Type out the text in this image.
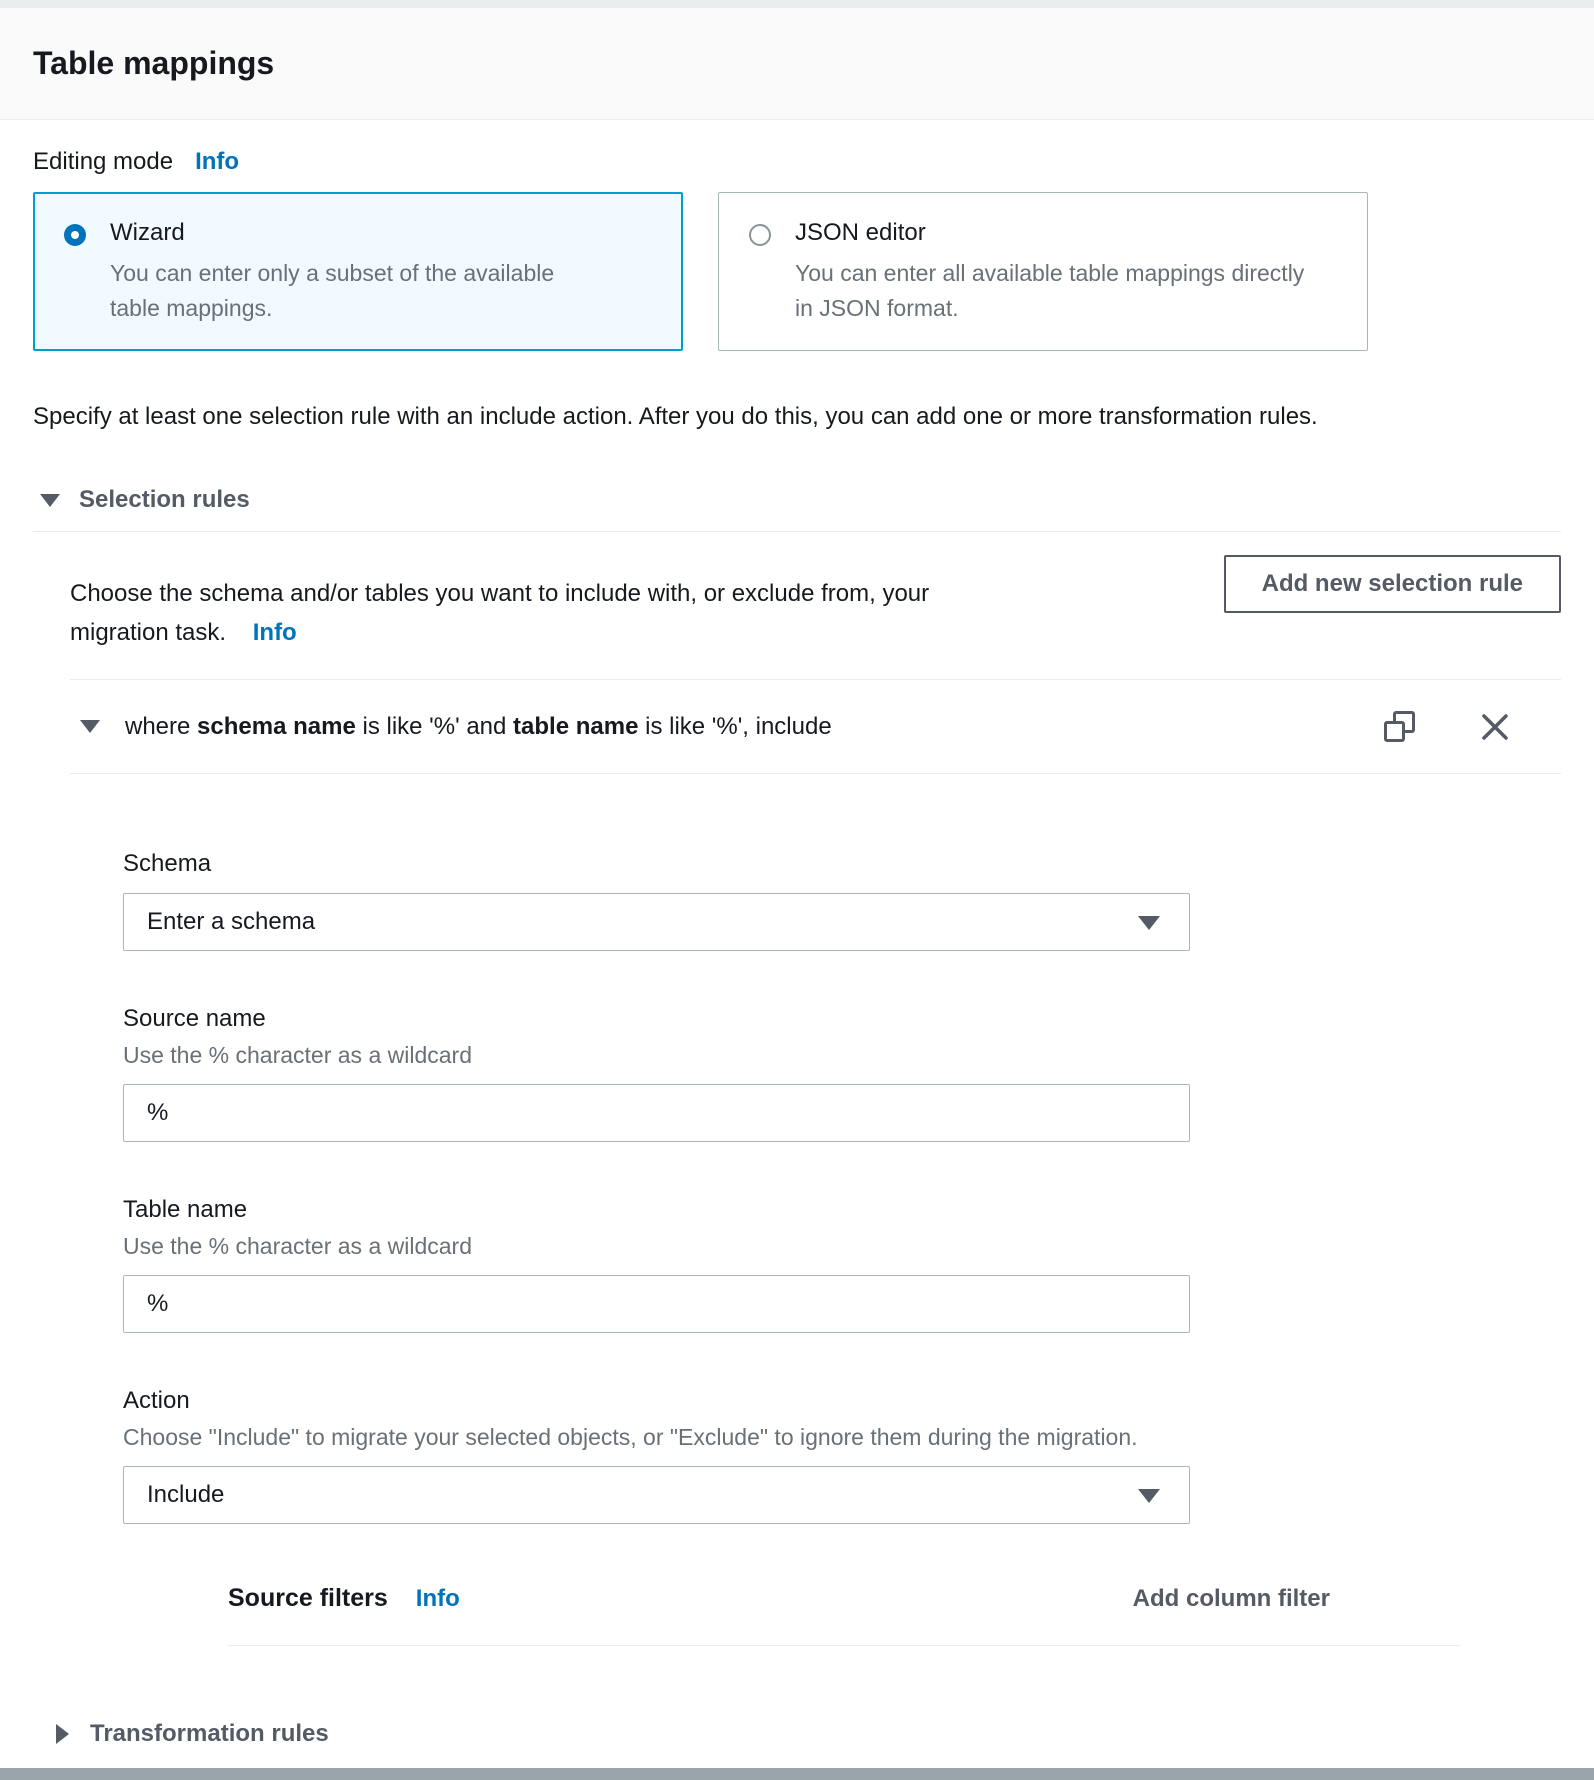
Table mappings
Editing mode Info
Wizard
You can enter only a subset of the available table mappings.
JSON editor
You can enter all available table mappings directly in JSON format.

Specify at least one selection rule with an include action. After you do this, you can add one or more transformation rules.

Selection rules
Choose the schema and/or tables you want to include with, or exclude from, your migration task. Info
Add new selection rule
where schema name is like '%' and table name is like '%', include
Schema
Enter a schema
Source name
Use the % character as a wildcard
%
Table name
Use the % character as a wildcard
%
Action
Choose "Include" to migrate your selected objects, or "Exclude" to ignore them during the migration.
Include
Source filters Info	Add column filter
Transformation rules
